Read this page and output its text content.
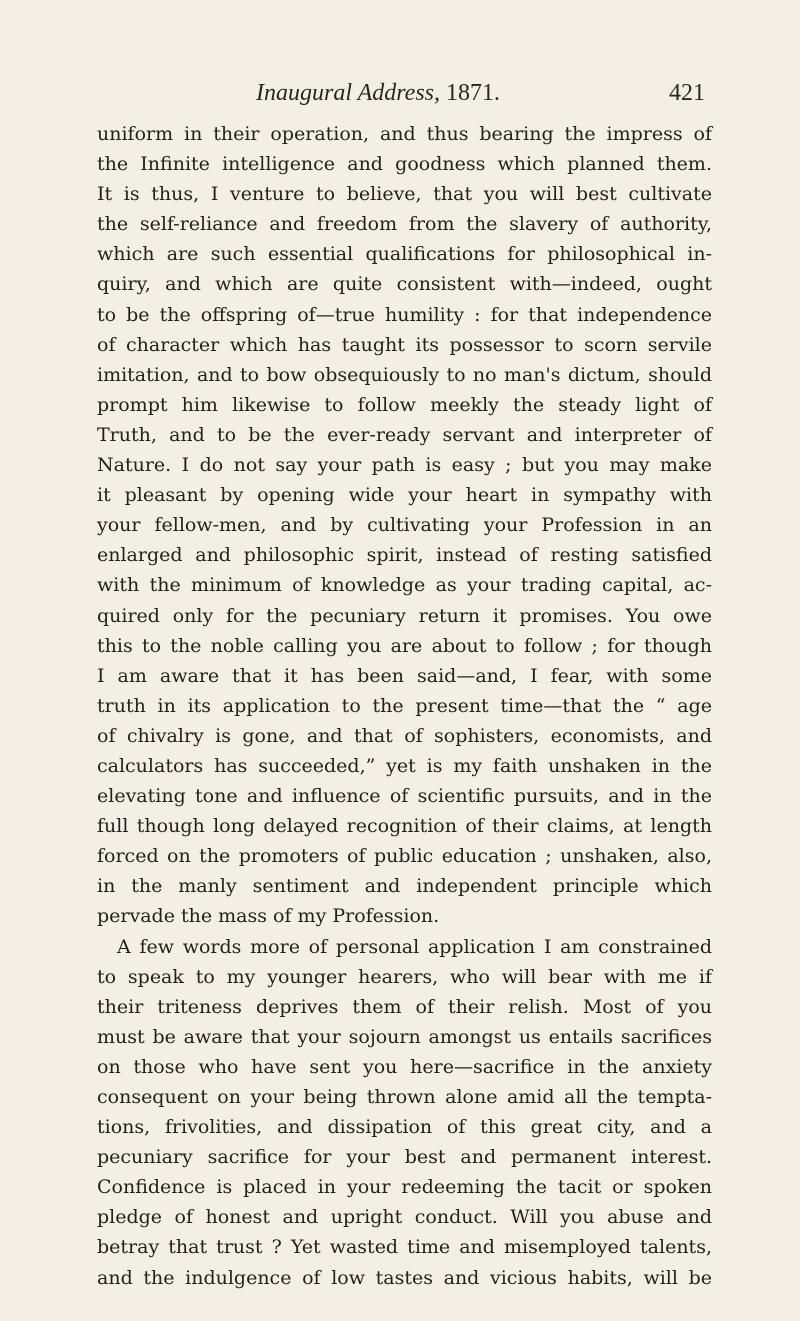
Inaugural Address, 1871.	421
uniform in their operation, and thus bearing the impress of
the Infinite intelligence and goodness which planned them.
It is thus, I venture to believe, that you will best cultivate
the self-reliance and freedom from the slavery of authority,
which are such essential qualifications for philosophical in-
quiry, and which are quite consistent with—indeed, ought
to be the offspring of—true humility : for that independence
of character which has taught its possessor to scorn servile
imitation, and to bow obsequiously to no man's dictum, should
prompt him likewise to follow meekly the steady light of
Truth, and to be the ever-ready servant and interpreter of
Nature. I do not say your path is easy ; but you may make
it pleasant by opening wide your heart in sympathy with
your fellow-men, and by cultivating your Profession in an
enlarged and philosophic spirit, instead of resting satisfied
with the minimum of knowledge as your trading capital, ac-
quired only for the pecuniary return it promises. You owe
this to the noble calling you are about to follow ; for though
I am aware that it has been said—and, I fear, with some
truth in its application to the present time—that the “ age
of chivalry is gone, and that of sophisters, economists, and
calculators has succeeded,” yet is my faith unshaken in the
elevating tone and influence of scientific pursuits, and in the
full though long delayed recognition of their claims, at length
forced on the promoters of public education ; unshaken, also,
in the manly sentiment and independent principle which
pervade the mass of my Profession.
A few words more of personal application I am constrained
to speak to my younger hearers, who will bear with me if
their triteness deprives them of their relish. Most of you
must be aware that your sojourn amongst us entails sacrifices
on those who have sent you here—sacrifice in the anxiety
consequent on your being thrown alone amid all the tempta-
tions, frivolities, and dissipation of this great city, and a
pecuniary sacrifice for your best and permanent interest.
Confidence is placed in your redeeming the tacit or spoken
pledge of honest and upright conduct. Will you abuse and
betray that trust ? Yet wasted time and misemployed talents,
and the indulgence of low tastes and vicious habits, will be
